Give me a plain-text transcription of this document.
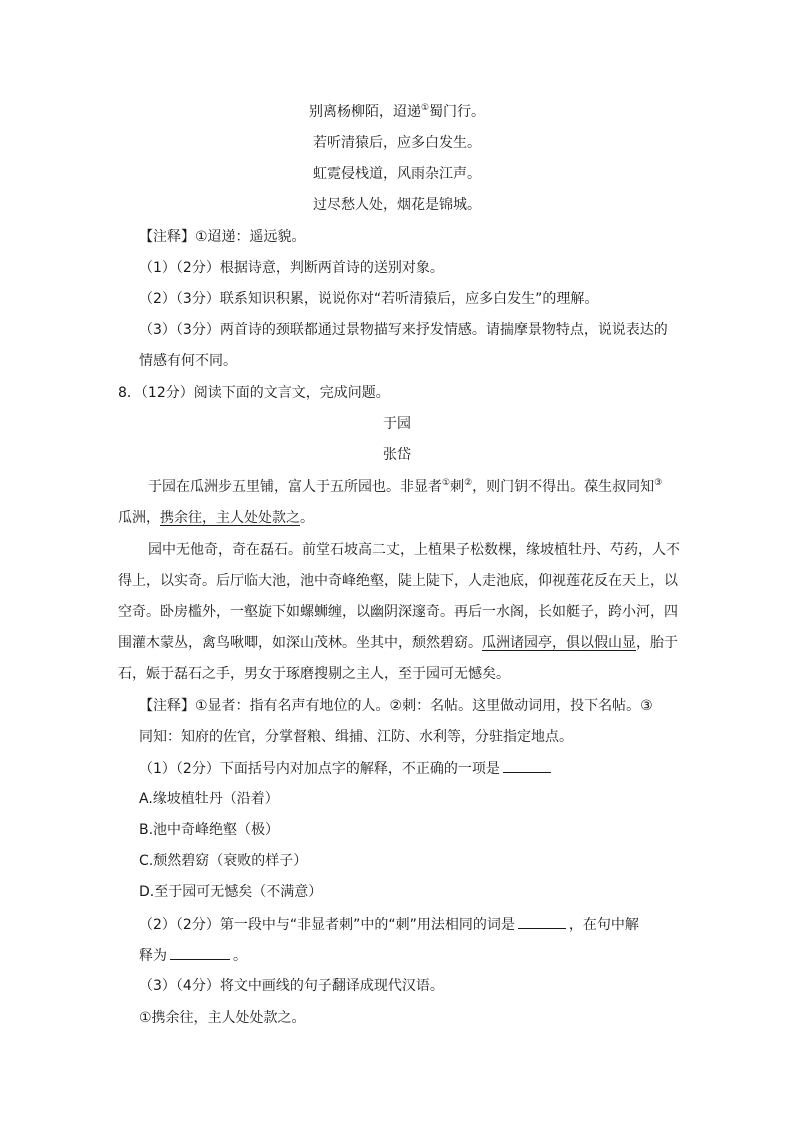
别离杨柳陌，迢递①蜀门行。
若听清猿后，应多白发生。
虹霓侵栈道，风雨杂江声。
过尽愁人处，烟花是锦城。
【注释】①迢递：遥远貌。
（1）（2分）根据诗意，判断两首诗的送别对象。
（2）（3分）联系知识积累，说说你对“若听清猿后，应多白发生”的理解。
（3）（3分）两首诗的颈联都通过景物描写来抒发情感。请揣摩景物特点，说说表达的
情感有何不同。
8．（12分）阅读下面的文言文，完成问题。
于园
张岱
于园在瓜洲步五里铺，富人于五所园也。非显者①刺②，则门钥不得出。葆生叔同知③
瓜洲，携余往，主人处处款之。
园中无他奇，奇在磊石。前堂石坡高二丈，上植果子松数棵，缘坡植牡丹、芍药，人不
得上，以实奇。后厅临大池，池中奇峰绝壑，陡上陡下，人走池底，仰视莲花反在天上，以
空奇。卧房槛外，一壑旋下如螺蛳缠，以幽阴深邃奇。再后一水阁，长如艇子，跨小河，四
围灌木蒙丛，禽鸟啾唧，如深山茂林。坐其中，颓然碧窈。瓜洲诸园亭，俱以假山显，胎于
石，娠于磊石之手，男女于琢磨搜剔之主人，至于园可无憾矣。
【注释】①显者：指有名声有地位的人。②刺：名帖。这里做动词用，投下名帖。③
同知：知府的佐官，分掌督粮、缉捕、江防、水利等，分驻指定地点。
（1）（2分）下面括号内对加点字的解释，不正确的一项是
A.缘坡植牡丹（沿着）
B.池中奇峰绝壑（极）
C.颓然碧窈（衰败的样子）
D.至于园可无憾矣（不满意）
（2）（2分）第一段中与“非显者刺”中的“刺”用法相同的词是	，在句中解
释为	。
（3）（4分）将文中画线的句子翻译成现代汉语。
①携余往，主人处处款之。
